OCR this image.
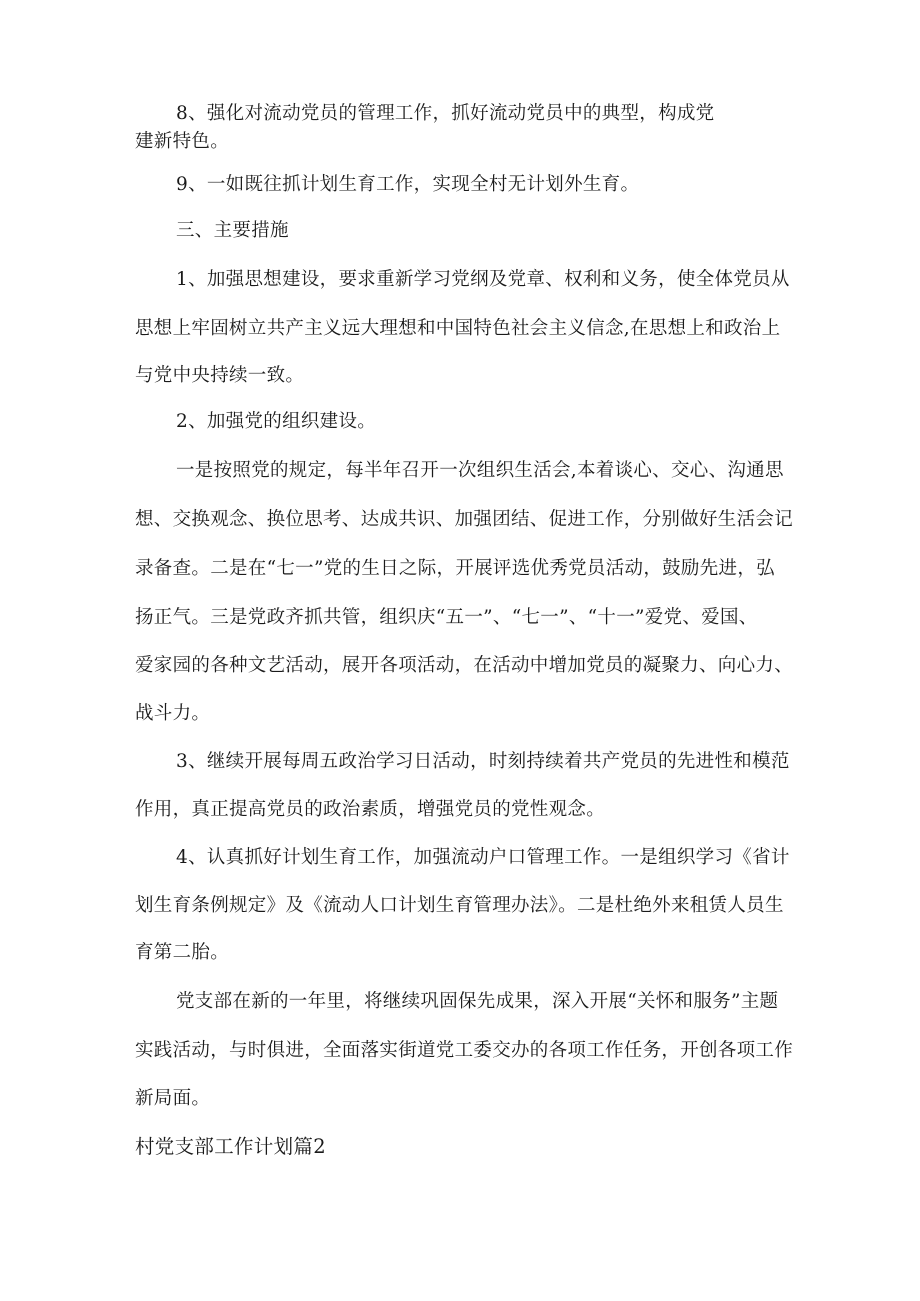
8、强化对流动党员的管理工作，抓好流动党员中的典型，构成党
建新特色。
9、一如既往抓计划生育工作，实现全村无计划外生育。
三、主要措施
1、加强思想建设，要求重新学习党纲及党章、权利和义务，使全体党员从
思想上牢固树立共产主义远大理想和中国特色社会主义信念,在思想上和政治上
与党中央持续一致。
2、加强党的组织建设。
一是按照党的规定，每半年召开一次组织生活会,本着谈心、交心、沟通思
想、交换观念、换位思考、达成共识、加强团结、促进工作，分别做好生活会记
录备查。二是在“七一”党的生日之际，开展评选优秀党员活动，鼓励先进，弘
扬正气。三是党政齐抓共管，组织庆“五一”、“七一”、“十一”爱党、爱国、
爱家园的各种文艺活动，展开各项活动，在活动中增加党员的凝聚力、向心力、
战斗力。
3、继续开展每周五政治学习日活动，时刻持续着共产党员的先进性和模范
作用，真正提高党员的政治素质，增强党员的党性观念。
4、认真抓好计划生育工作，加强流动户口管理工作。一是组织学习《省计
划生育条例规定》及《流动人口计划生育管理办法》。二是杜绝外来租赁人员生
育第二胎。
党支部在新的一年里，将继续巩固保先成果，深入开展“关怀和服务”主题
实践活动，与时俱进，全面落实街道党工委交办的各项工作任务，开创各项工作
新局面。
村党支部工作计划篇2
